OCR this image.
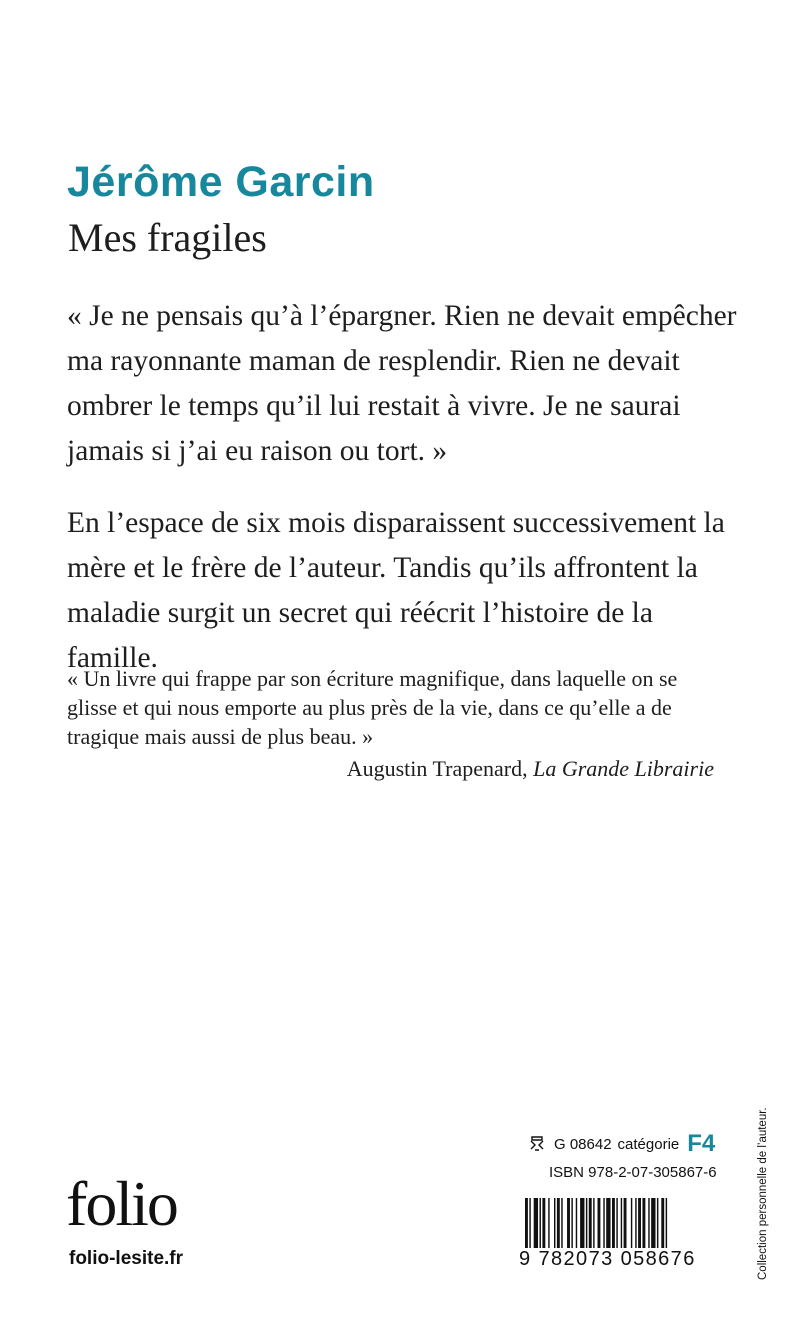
Jérôme Garcin
Mes fragiles

« Je ne pensais qu’à l’épargner. Rien ne devait empêcher ma rayonnante maman de resplendir. Rien ne devait ombrer le temps qu’il lui restait à vivre. Je ne saurai jamais si j’ai eu raison ou tort. »

En l’espace de six mois disparaissent successivement la mère et le frère de l’auteur. Tandis qu’ils affrontent la maladie surgit un secret qui réécrit l’histoire de la famille.

« Un livre qui frappe par son écriture magnifique, dans laquelle on se glisse et qui nous emporte au plus près de la vie, dans ce qu’elle a de tragique mais aussi de plus beau. »

Augustin Trapenard, La Grande Librairie
G 08642 catégorie F4
ISBN 978-2-07-305867-6
9 782073 058676
folio
folio-lesite.fr	Collection personnelle de l’auteur.
